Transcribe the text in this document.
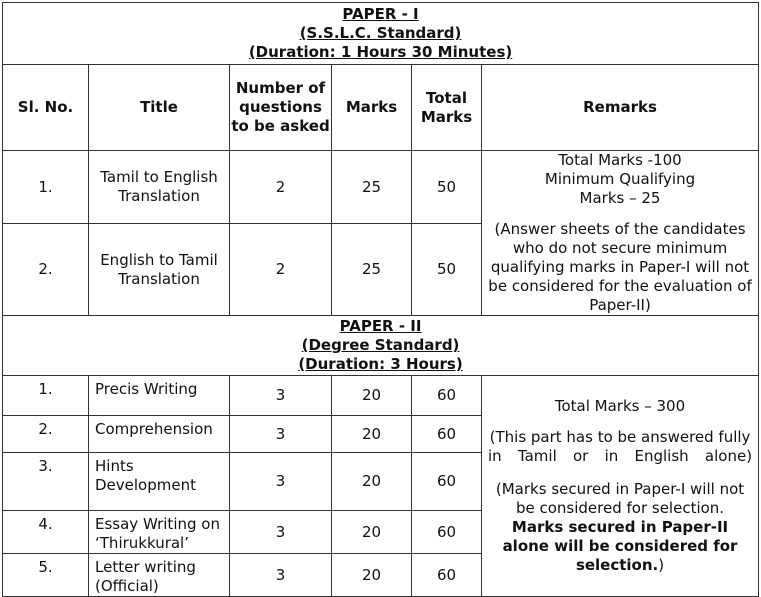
PAPER - I
(S.S.L.C. Standard)
(Duration: 1 Hours 30 Minutes)					

Sl. No.	Title	Number of questions to be asked	Marks	Total Marks	Remarks
1.	Tamil to English Translation	2	25	50	Total Marks -100

Minimum Qualifying

Marks – 25

(Answer sheets of the candidates who do not secure minimum qualifying marks in Paper-I will not be considered for the evaluation of Paper-II)

2.	English to Tamil Translation	2	25	50	

PAPER - II
(Degree Standard)
(Duration: 3 Hours)					

1.	Precis Writing	3	20	60	Total Marks – 300

(This part has to be answered fully in Tamil or in English alone)

(Marks secured in Paper-I will not be considered for selection. Marks secured in Paper-II alone will be considered for selection.)

2.	Comprehension	3	20	60	
3.	Hints Development	3	20	60	
4.	Essay Writing on ‘Thirukkural’	3	20	60	
5.	Letter writing (Official)	3	20	60	
